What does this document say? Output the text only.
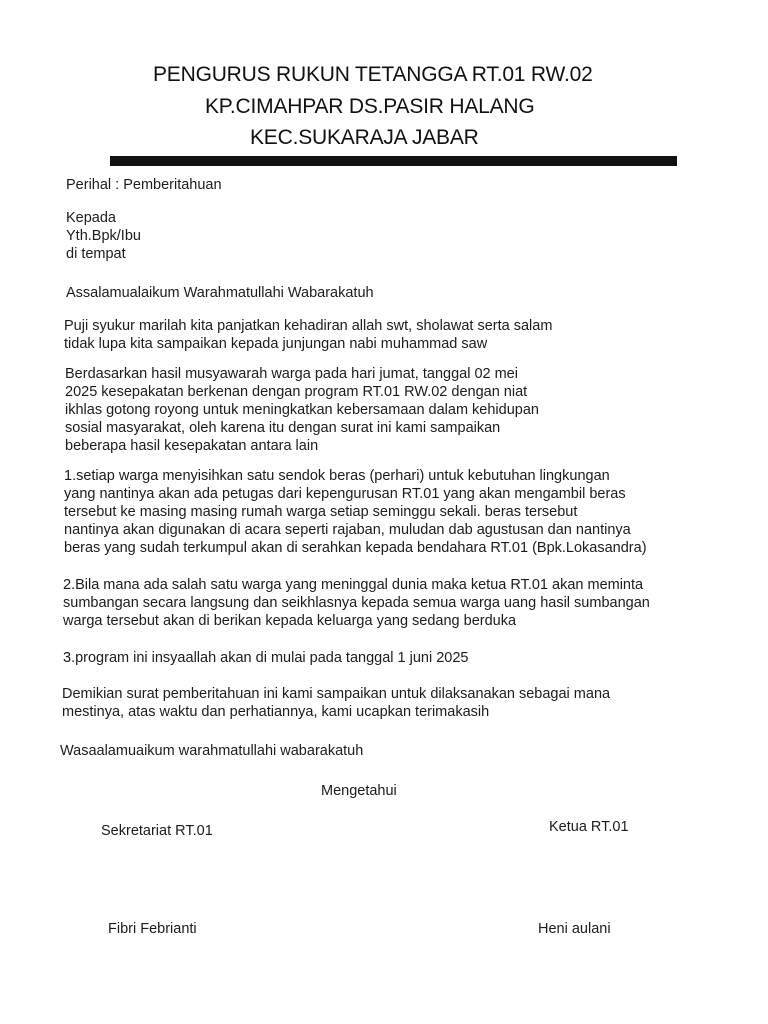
PENGURUS RUKUN TETANGGA RT.01 RW.02
KP.CIMAHPAR DS.PASIR HALANG
KEC.SUKARAJA JABAR
Perihal : Pemberitahuan
Kepada
Yth.Bpk/Ibu
di tempat
Assalamualaikum Warahmatullahi Wabarakatuh
Puji syukur marilah kita panjatkan kehadiran allah swt, sholawat serta salam
tidak lupa kita sampaikan kepada junjungan nabi muhammad saw
Berdasarkan hasil musyawarah warga pada hari jumat, tanggal 02 mei
2025 kesepakatan berkenan dengan program RT.01 RW.02 dengan niat
ikhlas gotong royong untuk meningkatkan kebersamaan dalam kehidupan
sosial masyarakat, oleh karena itu dengan surat ini kami sampaikan
beberapa hasil kesepakatan antara lain
1.setiap warga menyisihkan satu sendok beras (perhari) untuk kebutuhan lingkungan
yang nantinya akan ada petugas dari kepengurusan RT.01 yang akan mengambil beras
tersebut ke masing masing rumah warga setiap seminggu sekali. beras tersebut
nantinya akan digunakan di acara seperti rajaban, muludan dab agustusan dan nantinya
beras yang sudah terkumpul akan di serahkan kepada bendahara RT.01 (Bpk.Lokasandra)
2.Bila mana ada salah satu warga yang meninggal dunia maka ketua RT.01 akan meminta
sumbangan secara langsung dan seikhlasnya kepada semua warga uang hasil sumbangan
warga tersebut akan di berikan kepada keluarga yang sedang berduka
3.program ini insyaallah akan di mulai pada tanggal 1 juni 2025
Demikian surat pemberitahuan ini kami sampaikan untuk dilaksanakan sebagai mana
mestinya, atas waktu dan perhatiannya, kami ucapkan terimakasih
Wasaalamuaikum warahmatullahi wabarakatuh
Mengetahui
Sekretariat RT.01	Ketua RT.01
Fibri Febrianti	Heni aulani
